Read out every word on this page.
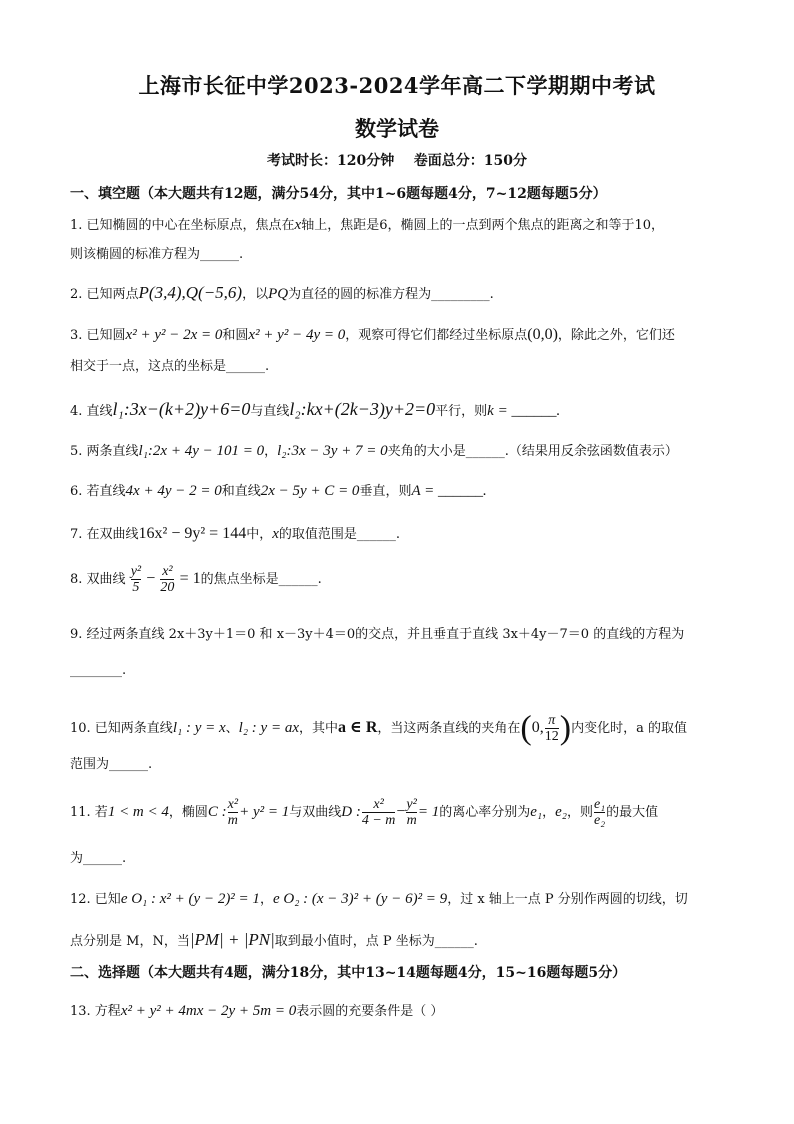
上海市长征中学2023-2024学年高二下学期期中考试
数学试卷
考试时长：120分钟    卷面总分：150分
一、填空题（本大题共有12题，满分54分，其中1~6题每题4分，7~12题每题5分）
1. 已知椭圆的中心在坐标原点，焦点在x轴上，焦距是6，椭圆上的一点到两个焦点的距离之和等于10，
则该椭圆的标准方程为______.
2. 已知两点P(3,4),Q(−5,6)，以PQ为直径的圆的标准方程为_________.
3. 已知圆x² + y² − 2x = 0和圆x² + y² − 4y = 0，观察可得它们都经过坐标原点(0,0)，除此之外，它们还
相交于一点，这点的坐标是______.
4. 直线l₁:3x−(k+2)y+6=0与直线l₂:kx+(2k−3)y+2=0平行，则k = ______.
5. 两条直线l₁:2x + 4y − 101 = 0，l₂:3x − 3y + 7 = 0夹角的大小是______.（结果用反余弦函数值表示）
6. 若直线4x + 4y − 2 = 0和直线2x − 5y + C = 0垂直，则A = ______.
7. 在双曲线16x² − 9y² = 144中，x的取值范围是______.
8. 双曲线 $\frac{\text{y²}}{5} - \frac{\text{x²}}{20} = 1$的焦点坐标是______.
9. 经过两条直线 2x＋3y＋1＝0 和 x－3y＋4＝0的交点，并且垂直于直线 3x＋4y－7＝0 的直线的方程为
________.
10. 已知两条直线l₁ : y = x、l₂ : y = ax，其中a ∈ R，当这两条直线的夹角在(0, $\frac{\pi}{12}$ )内变化时，a 的取值
范围为______.
11. 若1 < m < 4，椭圆C : $\frac{\text{x²}}{m} + y^2 = 1$与双曲线D : $\frac{\text{x²}}{4 - m} - \frac{\text{y²}}{m} = 1$的离心率分别为e₁，e₂，则 $\frac{\text{e₁}}{\text{e₂}}$ 的最大值
为______.
12. 已知e O₁ : x² + (y − 2)² = 1，e O₂ : (x − 3)² + (y − 6)² = 9，过 x 轴上一点 P 分别作两圆的切线，切
点分别是 M，N，当|PM| + |PN|取到最小值时，点 P 坐标为______.
二、选择题（本大题共有4题，满分18分，其中13~14题每题4分，15~16题每题5分）
13. 方程x² + y² + 4mx − 2y + 5m = 0表示圆的充要条件是（ ）
